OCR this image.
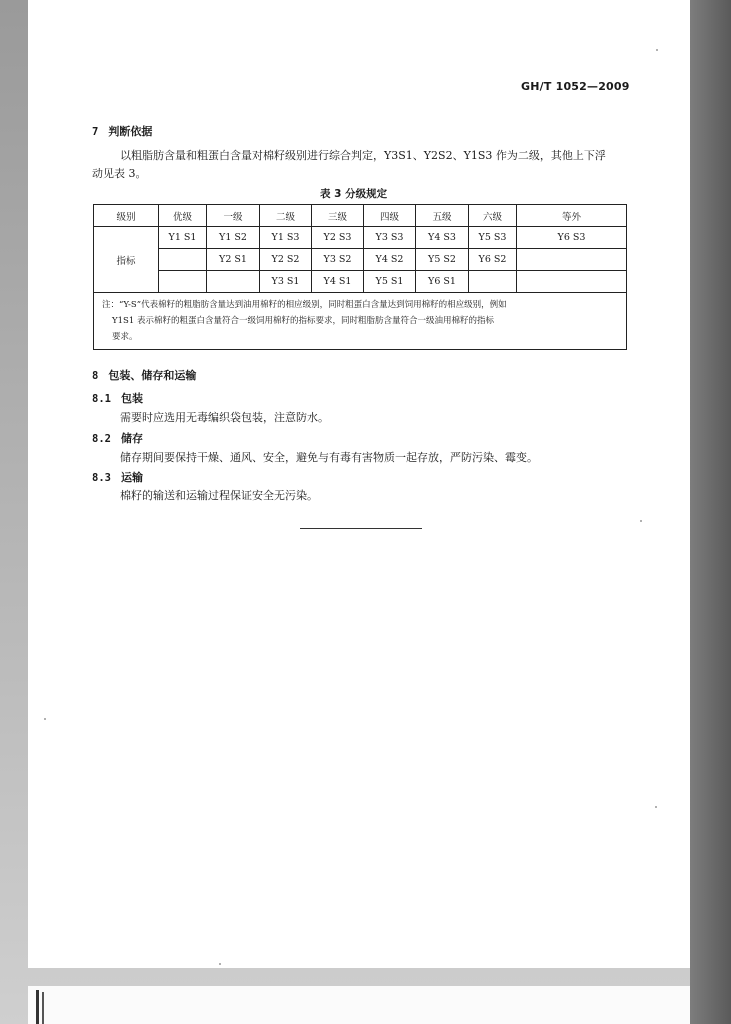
GH/T 1052—2009
7 判断依据
以粗脂肪含量和粗蛋白含量对棉籽级别进行综合判定，Y3S1、Y2S2、Y1S3 作为二级，其他上下浮
动见表 3。
表 3 分级规定
级别	优级	一级	二级	三级	四级	五级	六级	等外
指标	Y1 S1	Y1 S2	Y1 S3	Y2 S3	Y3 S3	Y4 S3	Y5 S3	Y6 S3
		Y2 S1	Y2 S2	Y3 S2	Y4 S2	Y5 S2	Y6 S2	
			Y3 S1	Y4 S1	Y5 S1	Y6 S1		

注：“Y-S”代表棉籽的粗脂肪含量达到油用棉籽的相应级别，同时粗蛋白含量达到饲用棉籽的相应级别，例如
Y1S1 表示棉籽的粗蛋白含量符合一级饲用棉籽的指标要求，同时粗脂肪含量符合一级油用棉籽的指标
要求。								
8 包装、储存和运输
8.1 包装
需要时应选用无毒编织袋包装，注意防水。
8.2 储存
储存期间要保持干燥、通风、安全，避免与有毒有害物质一起存放，严防污染、霉变。
8.3 运输
棉籽的输送和运输过程保证安全无污染。
